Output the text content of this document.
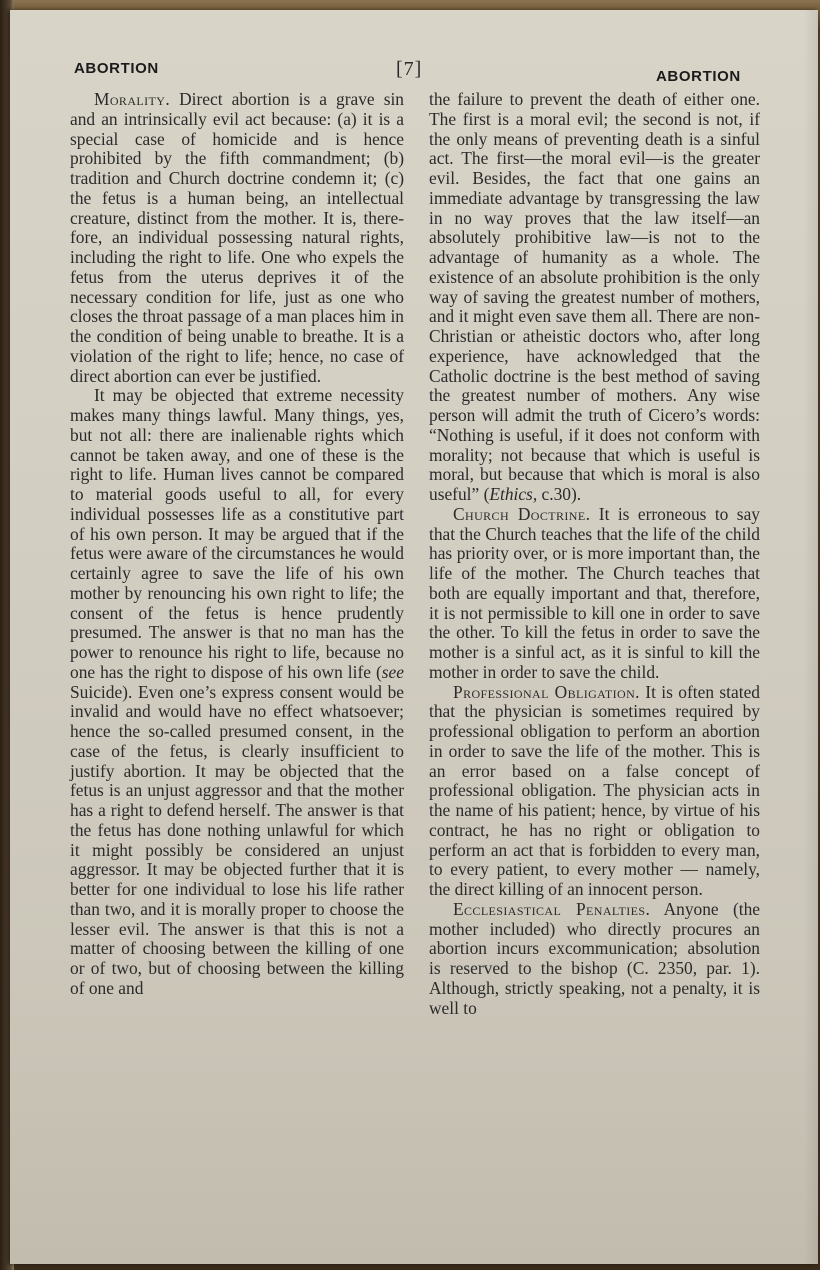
ABORTION	[7]	ABORTION

Morality. Direct abortion is a grave sin and an intrinsically evil act because: (a) it is a special case of homicide and is hence prohibited by the fifth commandment; (b) tradition and Church doctrine condemn it; (c) the fetus is a human being, an intellectual creature, distinct from the mother. It is, therefore, an individual possessing natural rights, including the right to life. One who expels the fetus from the uterus deprives it of the necessary condition for life, just as one who closes the throat passage of a man places him in the condition of being unable to breathe. It is a violation of the right to life; hence, no case of direct abortion can ever be justified.

It may be objected that extreme necessity makes many things lawful. Many things, yes, but not all: there are inalienable rights which cannot be taken away, and one of these is the right to life. Human lives cannot be compared to material goods useful to all, for every individual possesses life as a constitutive part of his own person. It may be argued that if the fetus were aware of the circumstances he would certainly agree to save the life of his own mother by renouncing his own right to life; the consent of the fetus is hence prudently presumed. The answer is that no man has the power to renounce his right to life, because no one has the right to dispose of his own life (see Suicide). Even one’s express consent would be invalid and would have no effect whatsoever; hence the so-called presumed consent, in the case of the fetus, is clearly insufficient to justify abortion. It may be objected that the fetus is an unjust aggressor and that the mother has a right to defend herself. The answer is that the fetus has done nothing unlawful for which it might possibly be considered an unjust aggressor. It may be objected further that it is better for one individual to lose his life rather than two, and it is morally proper to choose the lesser evil. The answer is that this is not a matter of choosing between the killing of one or of two, but of choosing between the killing of one and

the failure to prevent the death of either one. The first is a moral evil; the second is not, if the only means of preventing death is a sinful act. The first—the moral evil—is the greater evil. Besides, the fact that one gains an immediate advantage by transgressing the law in no way proves that the law itself—an absolutely prohibitive law—is not to the advantage of humanity as a whole. The existence of an absolute prohibition is the only way of saving the greatest number of mothers, and it might even save them all. There are non-Christian or atheistic doctors who, after long experience, have acknowledged that the Catholic doctrine is the best method of saving the greatest number of mothers. Any wise person will admit the truth of Cicero’s words: “Nothing is useful, if it does not conform with morality; not because that which is useful is moral, but because that which is moral is also useful” (Ethics, c.30).

Church Doctrine. It is erroneous to say that the Church teaches that the life of the child has priority over, or is more important than, the life of the mother. The Church teaches that both are equally important and that, therefore, it is not permissible to kill one in order to save the other. To kill the fetus in order to save the mother is a sinful act, as it is sinful to kill the mother in order to save the child.

Professional Obligation. It is often stated that the physician is sometimes required by professional obligation to perform an abortion in order to save the life of the mother. This is an error based on a false concept of professional obligation. The physician acts in the name of his patient; hence, by virtue of his contract, he has no right or obligation to perform an act that is forbidden to every man, to every patient, to every mother — namely, the direct killing of an innocent person.

Ecclesiastical Penalties. Anyone (the mother included) who directly procures an abortion incurs excommunication; absolution is reserved to the bishop (C. 2350, par. 1). Although, strictly speaking, not a penalty, it is well to
